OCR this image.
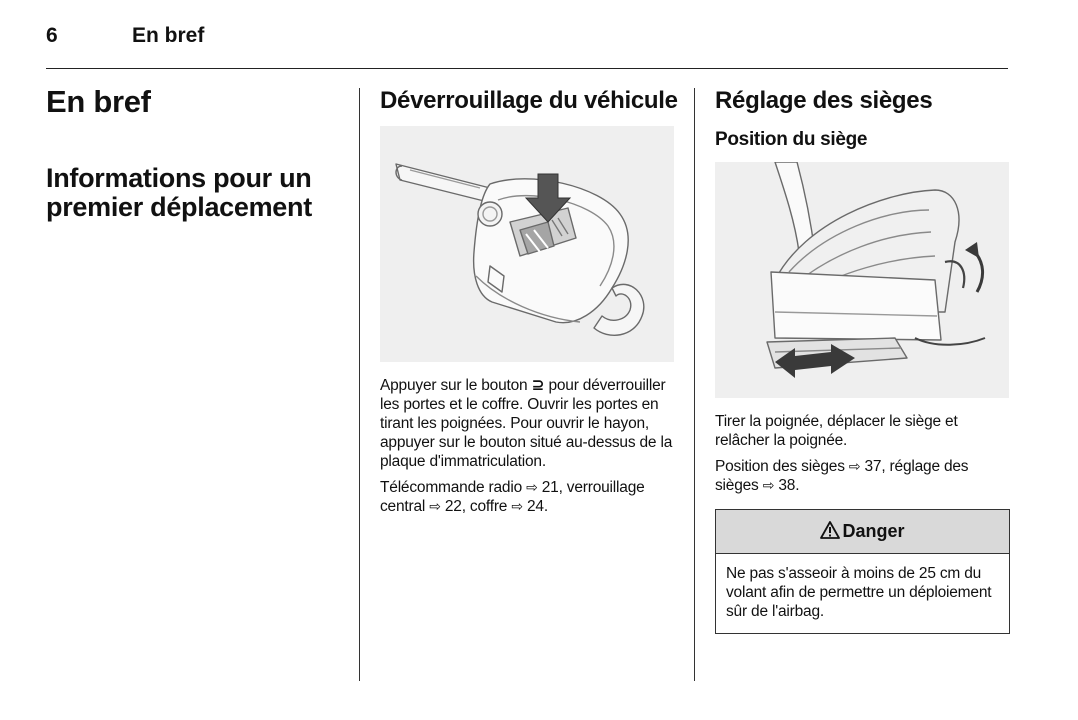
6	En bref
En bref
Informations pour un premier déplacement
Déverrouillage du véhicule

Appuyer sur le bouton ⊇ pour déverrouiller les portes et le coffre. Ouvrir les portes en tirant les poignées. Pour ouvrir le hayon, appuyer sur le bouton situé au-dessus de la plaque d'immatriculation.

Télécommande radio ⇨ 21, verrouillage central ⇨ 22, coffre ⇨ 24.

Réglage des sièges
Position du siège

Tirer la poignée, déplacer le siège et relâcher la poignée.

Position des sièges ⇨ 37, réglage des sièges ⇨ 38.

Danger
Ne pas s'asseoir à moins de 25 cm du volant afin de permettre un déploiement sûr de l'airbag.
